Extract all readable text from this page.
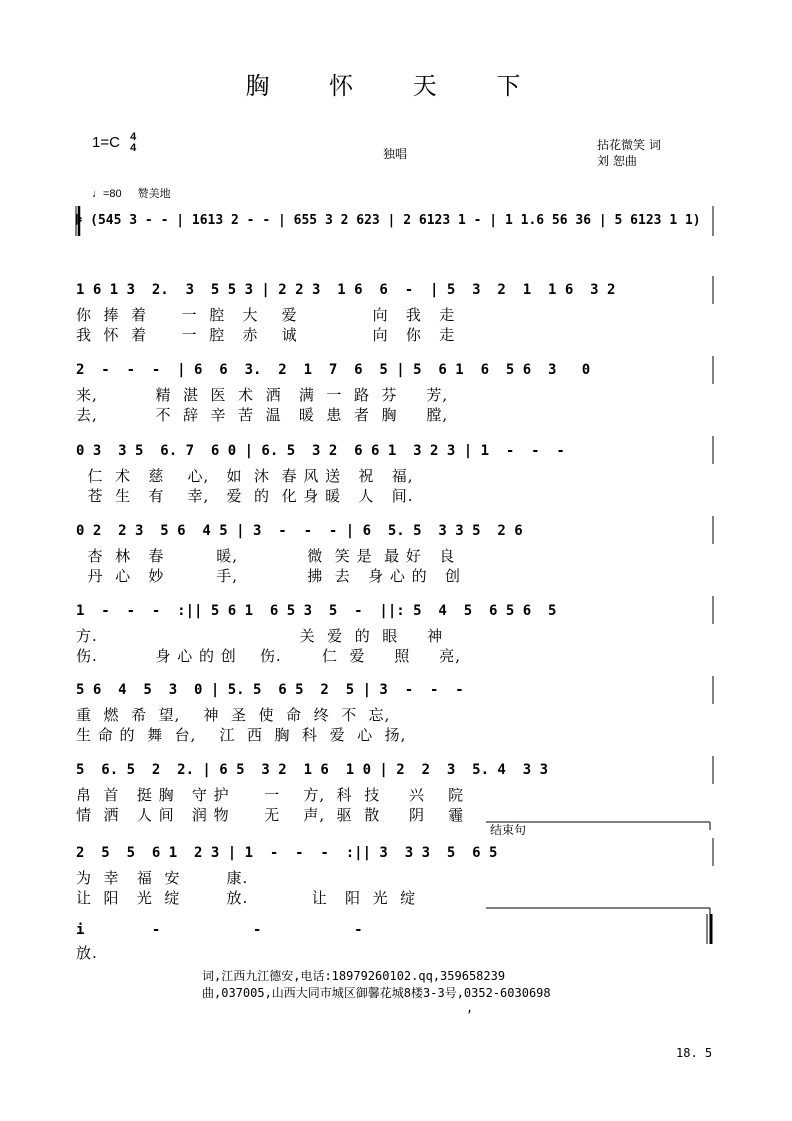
胸 怀 天 下
1=C 4
4	独唱
拈花微笑 词
刘 恕曲
♩=80 赞美地
𝄆 (545 3 - - | 1613 2 - - | 655 3 2 623 | 2 6123 1 - | 1 1.6 56 36 | 5 6123 1 1)
1 6 1 3  2.  3  5 5 3 | 2 2 3  1 6  6  -  | 5  3  2  1  1 6  3 2
你  捧  着      一  腔   大    爱             向   我   走
我  怀  着      一  腔   赤    诚             向   你   走
2  -  -  -  | 6  6  3.  2  1  7  6  5 | 5  6 1  6  5 6  3   0
来,          精  湛  医  术  洒   满  一  路  芬     芳,
去,          不  辞  辛  苦  温   暖  患  者  胸     膛,
0 3  3 5  6. 7  6 0 | 6. 5  3 2  6 6 1  3 2 3 | 1  -  -  -
仁  术   慈    心,   如  沐  春 风 送   祝   福,
苍  生   有    幸,   爱  的  化 身 暖   人   间.
0 2  2 3  5 6  4 5 | 3  -  -  - | 6  5. 5  3 3 5  2 6
杏  林   春         暖,            微  笑 是  最 好   良
丹  心   妙         手,            拂  去   身 心 的   创
1  -  -  -  :|| 5 6 1  6 5 3  5  -  ||: 5  4  5  6 5 6  5
方.                                   关  爱  的  眼     神
伤.          身 心 的 创    伤.       仁  爱     照     亮,
5 6  4  5  3  0 | 5. 5  6 5  2  5 | 3  -  -  -
重  燃  希  望,    神  圣  使  命  终  不  忘,
生 命 的  舞  台,    江  西  胸  科  爱  心  扬,
5  6. 5  2  2. | 6 5  3 2  1 6  1 0 | 2  2  3  5. 4  3 3
帛  首   挺 胸   守 护      一    方,  科  技     兴    院
情  洒   人 间   润 物      无    声,  驱  散     阴    霾
结束句
2  5  5  6 1  2 3 | 1  -  -  -  :|| 3  3 3  5  6 5
为  幸   福  安        康.
让  阳   光  绽        放.           让   阳  光  绽
i        -           -           -
放.
词,江西九江德安,电话:18979260102.qq,359658239
曲,037005,山西大同市城区御馨花城8楼3-3号,0352-6030698
,
18. 5
